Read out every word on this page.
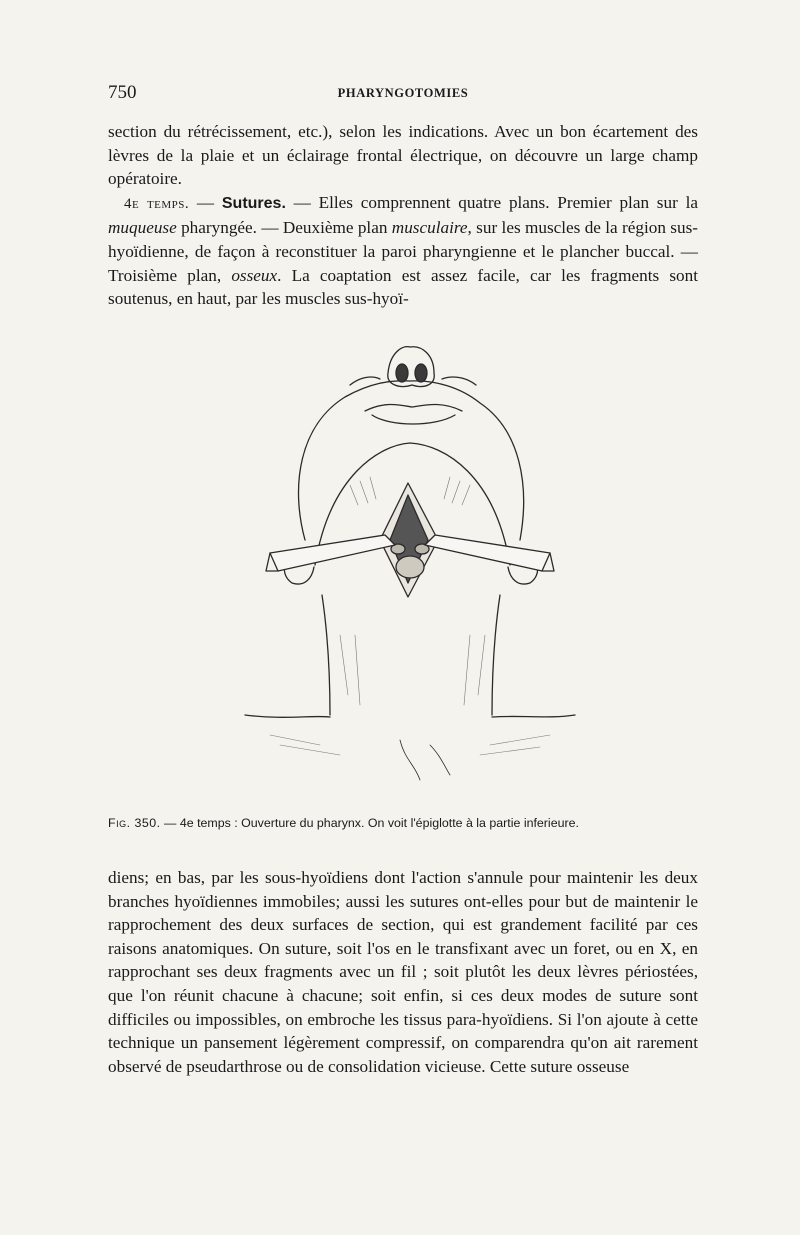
750	PHARYNGOTOMIES

section du rétrécissement, etc.), selon les indications. Avec un bon écartement des lèvres de la plaie et un éclairage frontal électrique, on découvre un large champ opératoire.

4e temps. — Sutures. — Elles comprennent quatre plans. Premier plan sur la muqueuse pharyngée. — Deuxième plan musculaire, sur les muscles de la région sus-hyoïdienne, de façon à reconstituer la paroi pharyngienne et le plancher buccal. — Troisième plan, osseux. La coaptation est assez facile, car les fragments sont soutenus, en haut, par les muscles sus-hyoï-

Fig. 350. — 4e temps : Ouverture du pharynx. On voit l'épiglotte à la partie inferieure.

diens; en bas, par les sous-hyoïdiens dont l'action s'annule pour maintenir les deux branches hyoïdiennes immobiles; aussi les sutures ont-elles pour but de maintenir le rapprochement des deux surfaces de section, qui est grandement facilité par ces raisons anatomiques. On suture, soit l'os en le transfixant avec un foret, ou en X, en rapprochant ses deux fragments avec un fil ; soit plutôt les deux lèvres périostées, que l'on réunit chacune à chacune; soit enfin, si ces deux modes de suture sont difficiles ou impossibles, on embroche les tissus para-hyoïdiens. Si l'on ajoute à cette technique un pansement légèrement compressif, on comparendra qu'on ait rarement observé de pseudarthrose ou de consolidation vicieuse. Cette suture osseuse
